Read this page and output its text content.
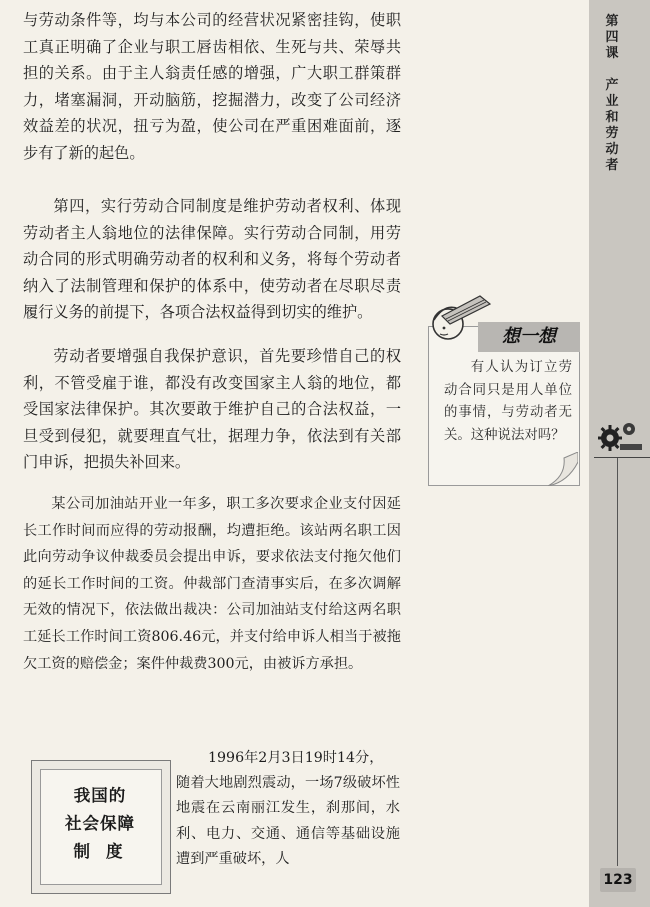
与劳动条件等，均与本公司的经营状况紧密挂钩，使职工真正明确了企业与职工唇齿相依、生死与共、荣辱共担的关系。由于主人翁责任感的增强，广大职工群策群力，堵塞漏洞，开动脑筋，挖掘潜力，改变了公司经济效益差的状况，扭亏为盈，使公司在严重困难面前，逐步有了新的起色。

第四，实行劳动合同制度是维护劳动者权利、体现劳动者主人翁地位的法律保障。实行劳动合同制，用劳动合同的形式明确劳动者的权利和义务，将每个劳动者纳入了法制管理和保护的体系中，使劳动者在尽职尽责履行义务的前提下，各项合法权益得到切实的维护。

劳动者要增强自我保护意识，首先要珍惜自己的权利，不管受雇于谁，都没有改变国家主人翁的地位，都受国家法律保护。其次要敢于维护自己的合法权益，一旦受到侵犯，就要理直气壮，据理力争，依法到有关部门申诉，把损失补回来。

某公司加油站开业一年多，职工多次要求企业支付因延长工作时间而应得的劳动报酬，均遭拒绝。该站两名职工因此向劳动争议仲裁委员会提出申诉，要求依法支付拖欠他们的延长工作时间的工资。仲裁部门查清事实后，在多次调解无效的情况下，依法做出裁决：公司加油站支付给这两名职工延长工作时间工资806.46元，并支付给申诉人相当于被拖欠工资的赔偿金；案件仲裁费300元，由被诉方承担。
第四课

产业和劳动者
123
想一想
有人认为订立劳动合同只是用人单位的事情，与劳动者无关。这种说法对吗？
我国的
社会保障
制度
1996年2月3日19时14分，
随着大地剧烈震动，一场7级破坏性地震在云南丽江发生，刹那间，水利、电力、交通、通信等基础设施遭到严重破坏，人
